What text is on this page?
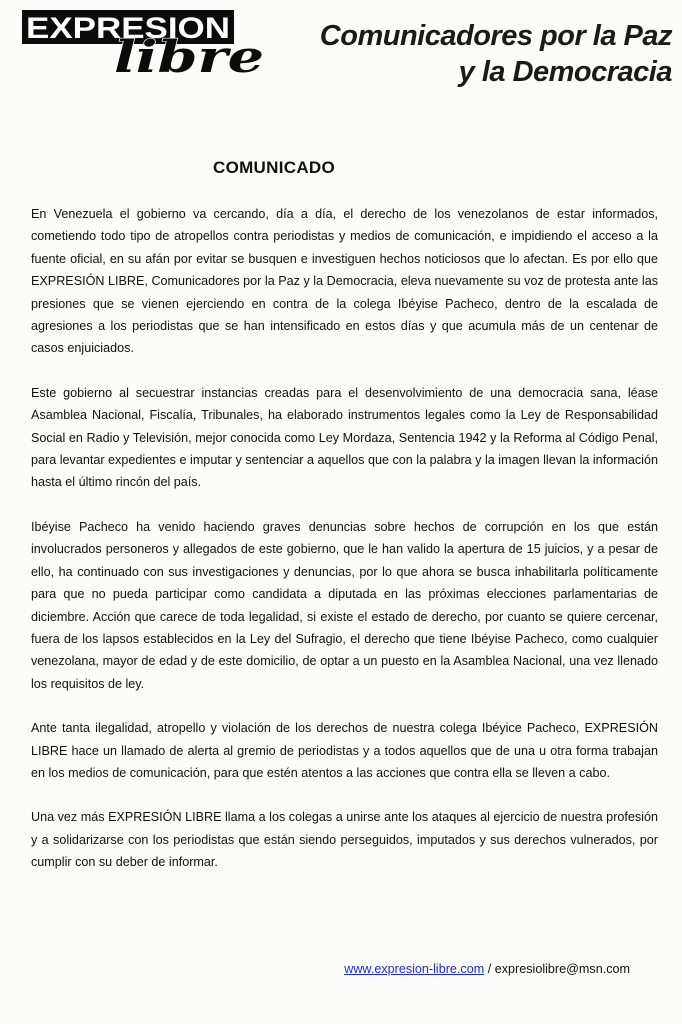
EXPRESION
libre	Comunicadores por la Paz
y la Democracia
COMUNICADO

En Venezuela el gobierno va cercando, día a día, el derecho de los venezolanos de estar informados, cometiendo todo tipo de atropellos contra periodistas y medios de comunicación, e impidiendo el acceso a la fuente oficial, en su afán por evitar se busquen e investiguen hechos noticiosos que lo afectan. Es por ello que EXPRESIÓN LIBRE, Comunicadores por la Paz y la Democracia, eleva nuevamente su voz de protesta ante las presiones que se vienen ejerciendo en contra de la colega Ibéyise Pacheco, dentro de la escalada de agresiones a los periodistas que se han intensificado en estos días y que acumula más de un centenar de casos enjuiciados.

Este gobierno al secuestrar instancias creadas para el desenvolvimiento de una democracia sana, léase Asamblea Nacional, Fiscalía, Tribunales, ha elaborado instrumentos legales como la Ley de Responsabilidad Social en Radio y Televisión, mejor conocida como Ley Mordaza, Sentencia 1942 y la Reforma al Código Penal, para levantar expedientes e imputar y sentenciar a aquellos que con la palabra y la imagen llevan la información hasta el último rincón del país.

Ibéyise Pacheco ha venido haciendo graves denuncias sobre hechos de corrupción en los que están involucrados personeros y allegados de este gobierno, que le han valido la apertura de 15 juicios, y a pesar de ello, ha continuado con sus investigaciones y denuncias, por lo que ahora se busca inhabilitarla políticamente para que no pueda participar como candidata a diputada en las próximas elecciones parlamentarias de diciembre. Acción que carece de toda legalidad, si existe el estado de derecho, por cuanto se quiere cercenar, fuera de los lapsos establecidos en la Ley del Sufragio, el derecho que tiene Ibéyise Pacheco, como cualquier venezolana, mayor de edad y de este domicilio, de optar a un puesto en la Asamblea Nacional, una vez llenado los requisitos de ley.

Ante tanta ilegalidad, atropello y violación de los derechos de nuestra colega Ibéyice Pacheco, EXPRESIÓN LIBRE hace un llamado de alerta al gremio de periodistas y a todos aquellos que de una u otra forma trabajan en los medios de comunicación, para que estén atentos a las acciones que contra ella se lleven a cabo.

Una vez más EXPRESIÓN LIBRE llama a los colegas a unirse ante los ataques al ejercicio de nuestra profesión y a solidarizarse con los periodistas que están siendo perseguidos, imputados y sus derechos vulnerados, por cumplir con su deber de informar.

www.expresion-libre.com / expresiolibre@msn.com
